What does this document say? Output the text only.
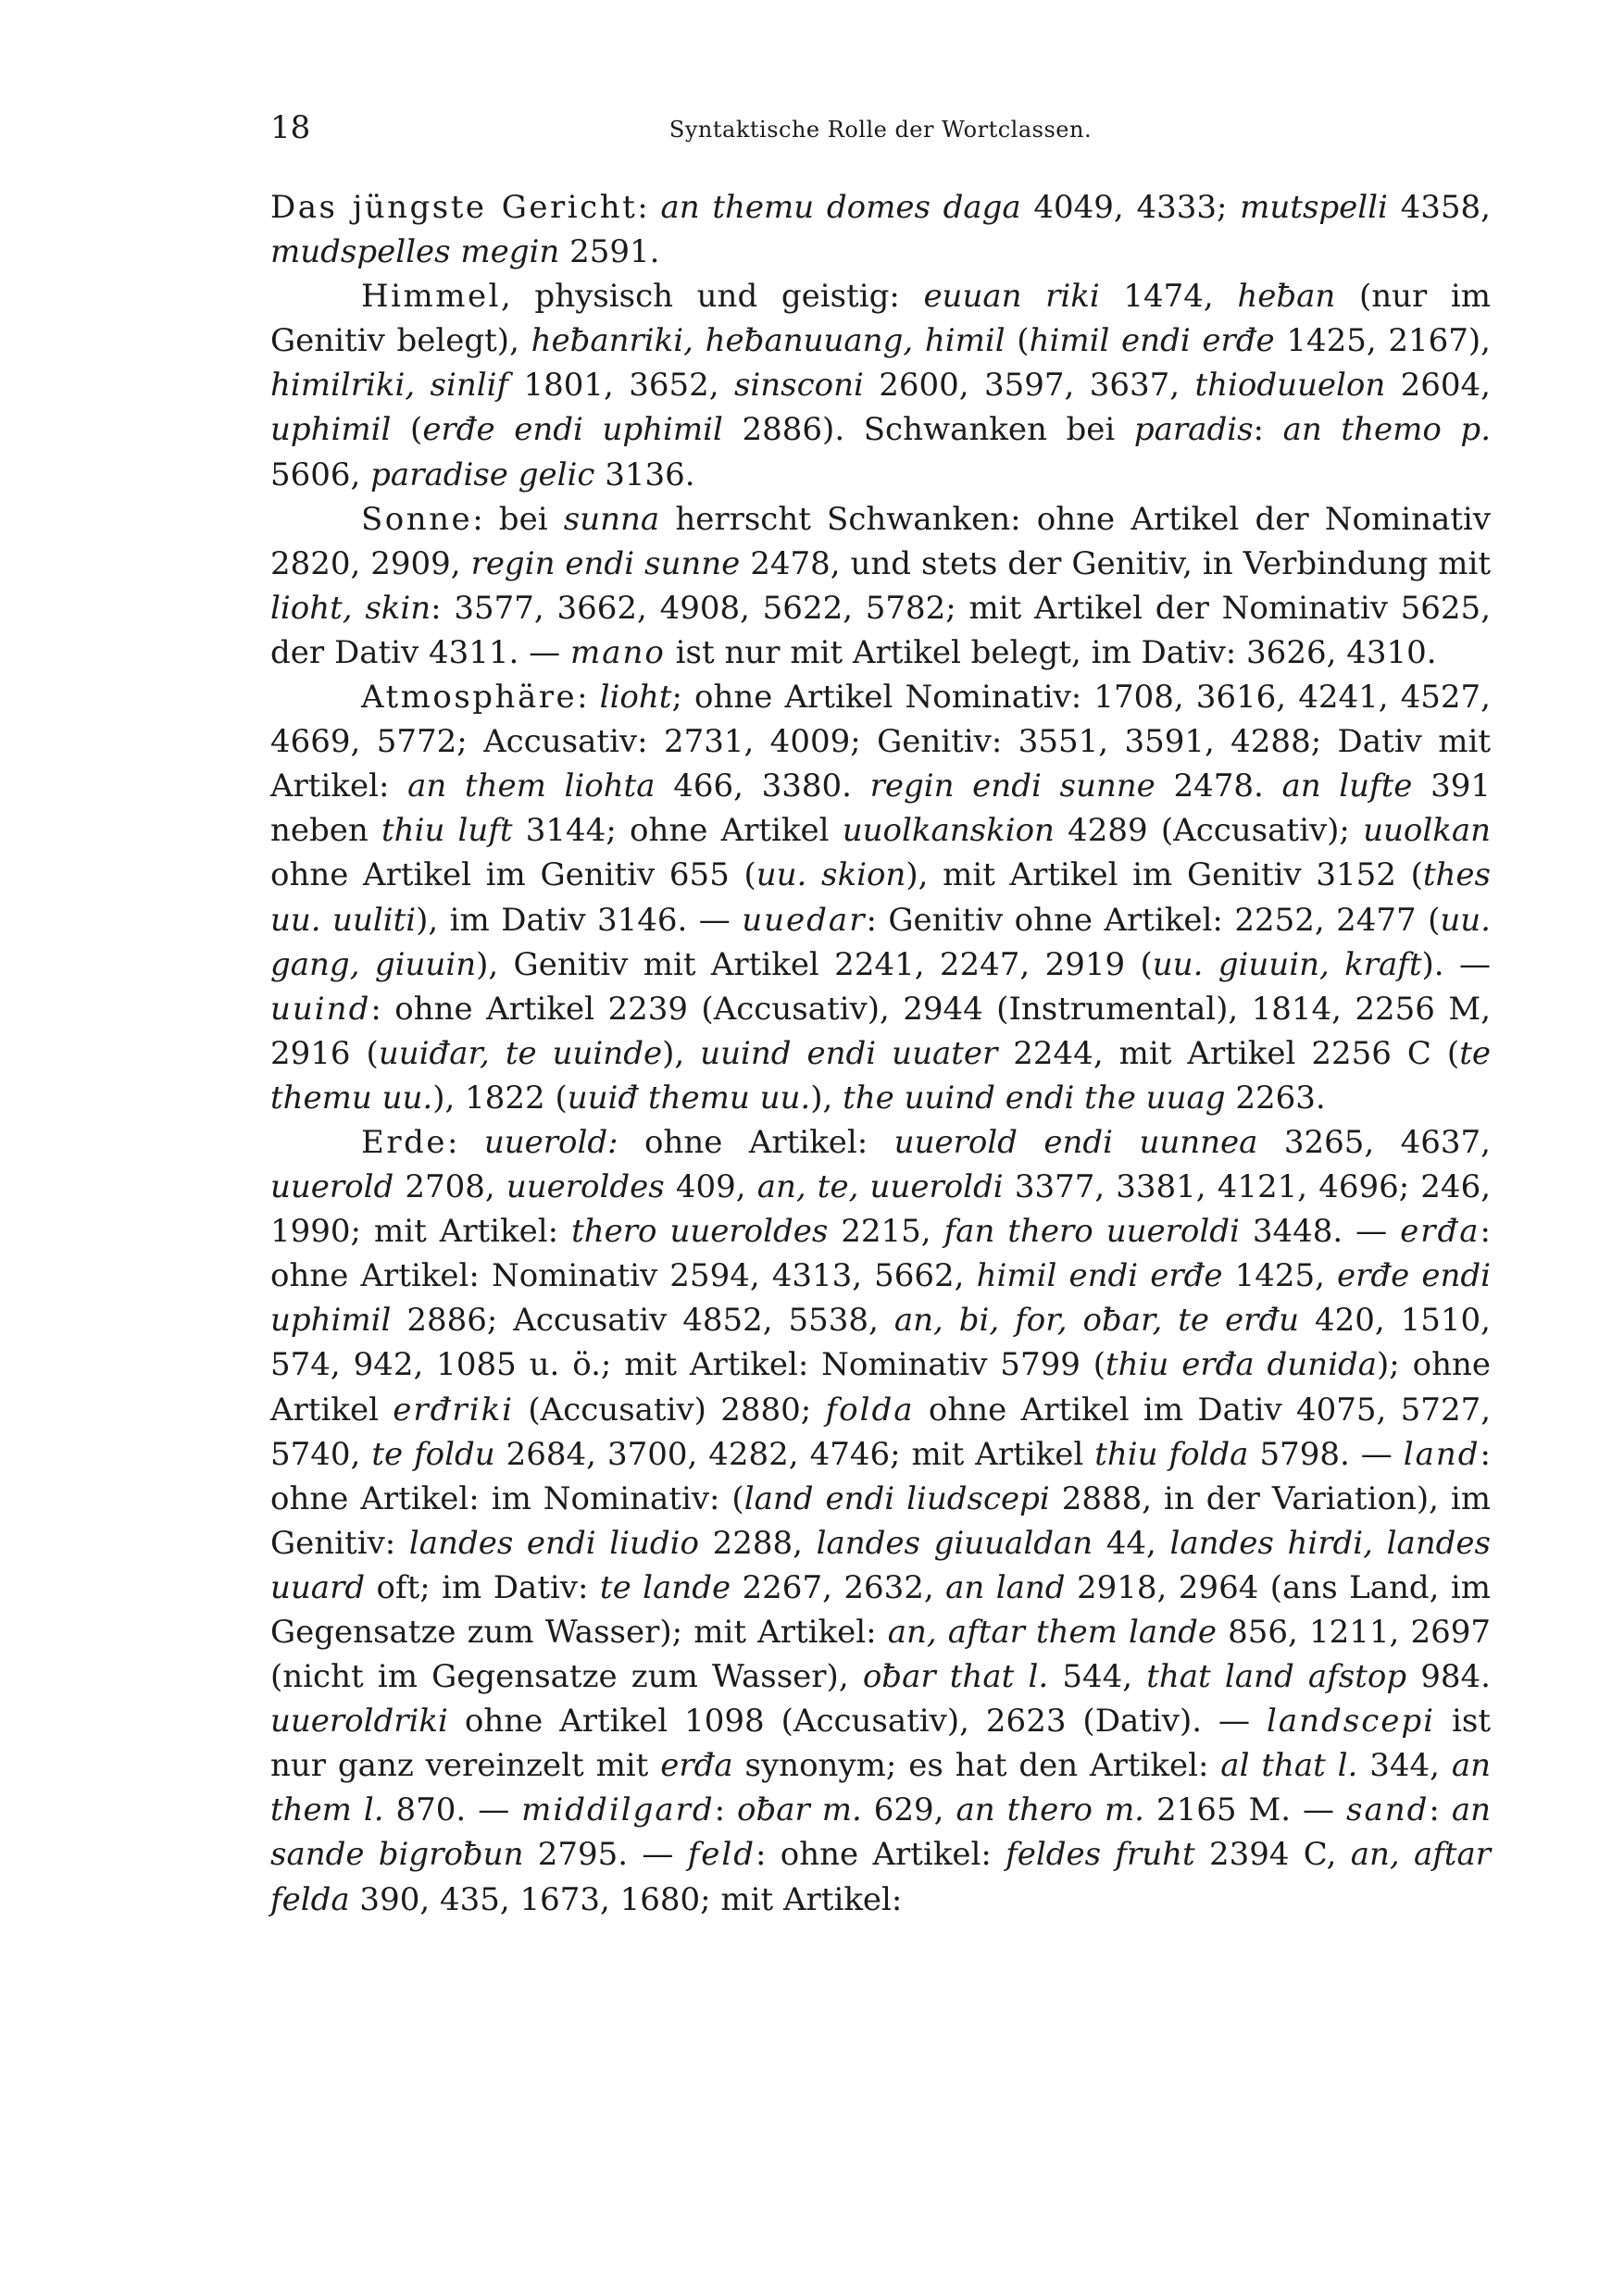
18	Syntaktische Rolle der Wortclassen.

Das jüngste Gericht: an themu domes daga 4049, 4333; mutspelli 4358, mudspelles megin 2591.

Himmel, physisch und geistig: euuan riki 1474, heƀan (nur im Genitiv belegt), heƀanriki, heƀanuuang, himil (himil endi erđe 1425, 2167), himilriki, sinlif 1801, 3652, sinsconi 2600, 3597, 3637, thioduuelon 2604, uphimil (erđe endi uphimil 2886). Schwanken bei paradis: an themo p. 5606, paradise gelic 3136.

Sonne: bei sunna herrscht Schwanken: ohne Artikel der Nominativ 2820, 2909, regin endi sunne 2478, und stets der Genitiv, in Verbindung mit lioht, skin: 3577, 3662, 4908, 5622, 5782; mit Artikel der Nominativ 5625, der Dativ 4311. — mano ist nur mit Artikel belegt, im Dativ: 3626, 4310.

Atmosphäre: lioht; ohne Artikel Nominativ: 1708, 3616, 4241, 4527, 4669, 5772; Accusativ: 2731, 4009; Genitiv: 3551, 3591, 4288; Dativ mit Artikel: an them liohta 466, 3380. regin endi sunne 2478. an lufte 391 neben thiu luft 3144; ohne Artikel uuolkanskion 4289 (Accusativ); uuolkan ohne Artikel im Genitiv 655 (uu. skion), mit Artikel im Genitiv 3152 (thes uu. uuliti), im Dativ 3146. — uuedar: Genitiv ohne Artikel: 2252, 2477 (uu. gang, giuuin), Genitiv mit Artikel 2241, 2247, 2919 (uu. giuuin, kraft). — uuind: ohne Artikel 2239 (Accusativ), 2944 (Instrumental), 1814, 2256 M, 2916 (uuiđar, te uuinde), uuind endi uuater 2244, mit Artikel 2256 C (te themu uu.), 1822 (uuiđ themu uu.), the uuind endi the uuag 2263.

Erde: uuerold: ohne Artikel: uuerold endi uunnea 3265, 4637, uuerold 2708, uueroldes 409, an, te, uueroldi 3377, 3381, 4121, 4696; 246, 1990; mit Artikel: thero uueroldes 2215, fan thero uueroldi 3448. — erđa: ohne Artikel: Nominativ 2594, 4313, 5662, himil endi erđe 1425, erđe endi uphimil 2886; Accusativ 4852, 5538, an, bi, for, oƀar, te erđu 420, 1510, 574, 942, 1085 u. ö.; mit Artikel: Nominativ 5799 (thiu erđa dunida); ohne Artikel erđriki (Accusativ) 2880; folda ohne Artikel im Dativ 4075, 5727, 5740, te foldu 2684, 3700, 4282, 4746; mit Artikel thiu folda 5798. — land: ohne Artikel: im Nominativ: (land endi liudscepi 2888, in der Variation), im Genitiv: landes endi liudio 2288, landes giuualdan 44, landes hirdi, landes uuard oft; im Dativ: te lande 2267, 2632, an land 2918, 2964 (ans Land, im Gegensatze zum Wasser); mit Artikel: an, aftar them lande 856, 1211, 2697 (nicht im Gegensatze zum Wasser), oƀar that l. 544, that land afstop 984. uueroldriki ohne Artikel 1098 (Accusativ), 2623 (Dativ). — landscepi ist nur ganz vereinzelt mit erđa synonym; es hat den Artikel: al that l. 344, an them l. 870. — middilgard: oƀar m. 629, an thero m. 2165 M. — sand: an sande bigroƀun 2795. — feld: ohne Artikel: feldes fruht 2394 C, an, aftar felda 390, 435, 1673, 1680; mit Artikel:
